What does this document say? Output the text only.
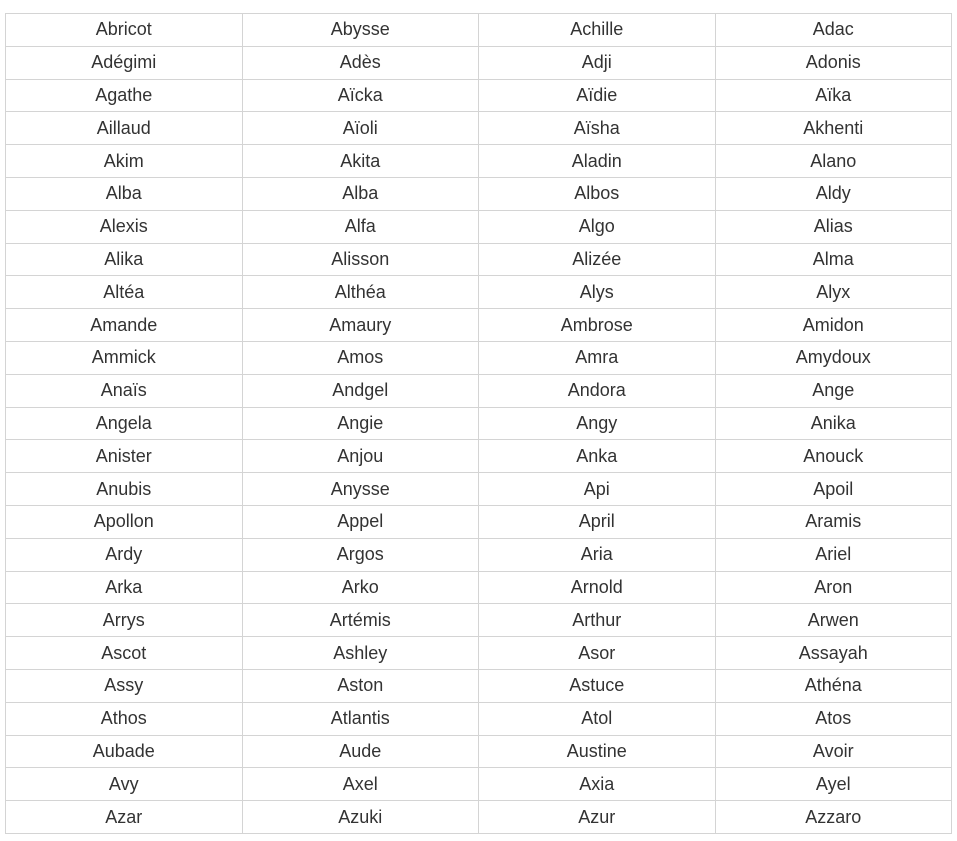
Abricot	Abysse	Achille	Adac
Adégimi	Adès	Adji	Adonis
Agathe	Aïcka	Aïdie	Aïka
Aillaud	Aïoli	Aïsha	Akhenti
Akim	Akita	Aladin	Alano
Alba	Alba	Albos	Aldy
Alexis	Alfa	Algo	Alias
Alika	Alisson	Alizée	Alma
Altéa	Althéa	Alys	Alyx
Amande	Amaury	Ambrose	Amidon
Ammick	Amos	Amra	Amydoux
Anaïs	Andgel	Andora	Ange
Angela	Angie	Angy	Anika
Anister	Anjou	Anka	Anouck
Anubis	Anysse	Api	Apoil
Apollon	Appel	April	Aramis
Ardy	Argos	Aria	Ariel
Arka	Arko	Arnold	Aron
Arrys	Artémis	Arthur	Arwen
Ascot	Ashley	Asor	Assayah
Assy	Aston	Astuce	Athéna
Athos	Atlantis	Atol	Atos
Aubade	Aude	Austine	Avoir
Avy	Axel	Axia	Ayel
Azar	Azuki	Azur	Azzaro
